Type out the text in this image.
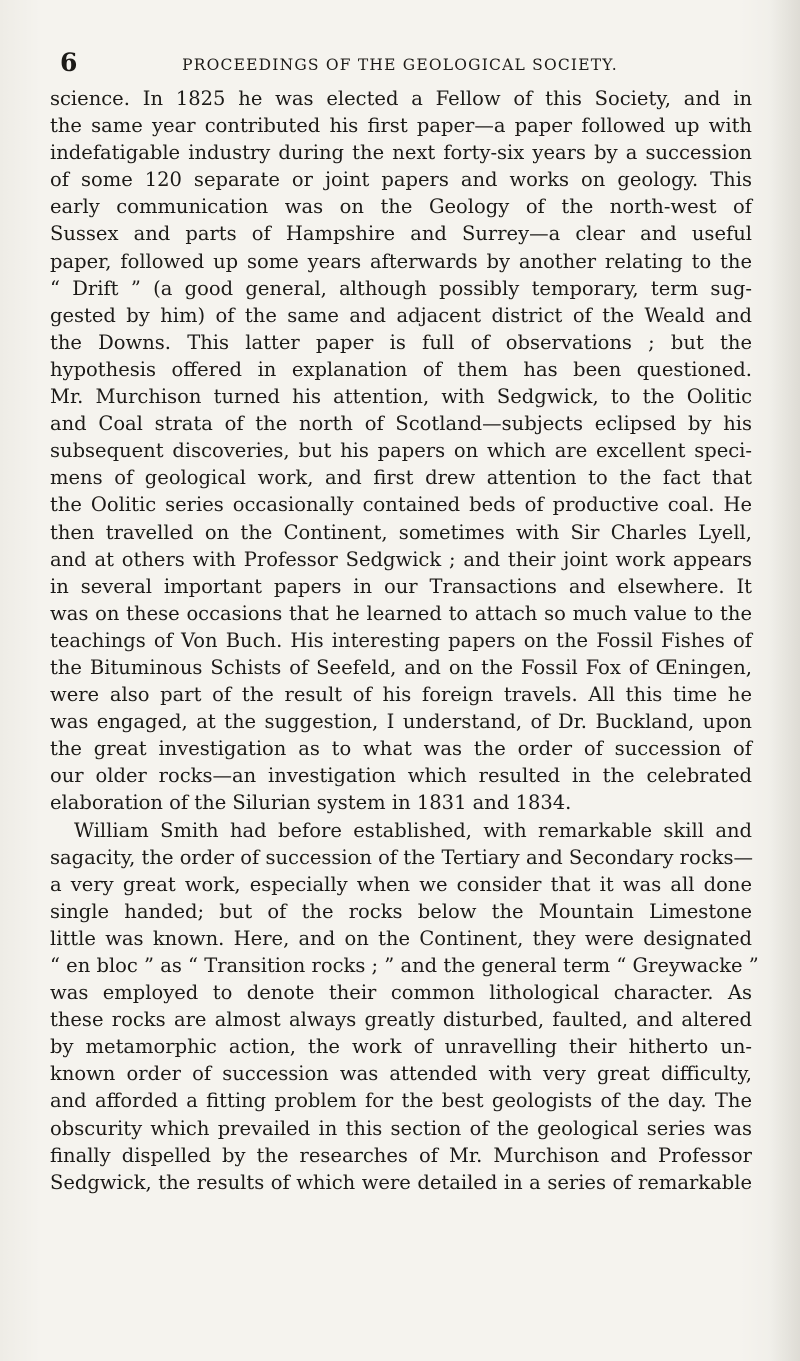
6	PROCEEDINGS OF THE GEOLOGICAL SOCIETY.
science. In 1825 he was elected a Fellow of this Society, and in
the same year contributed his first paper—a paper followed up with
indefatigable industry during the next forty-six years by a succession
of some 120 separate or joint papers and works on geology. This
early communication was on the Geology of the north-west of
Sussex and parts of Hampshire and Surrey—a clear and useful
paper, followed up some years afterwards by another relating to the
“ Drift ” (a good general, although possibly temporary, term sug-
gested by him) of the same and adjacent district of the Weald and
the Downs. This latter paper is full of observations ; but the
hypothesis offered in explanation of them has been questioned.
Mr. Murchison turned his attention, with Sedgwick, to the Oolitic
and Coal strata of the north of Scotland—subjects eclipsed by his
subsequent discoveries, but his papers on which are excellent speci-
mens of geological work, and first drew attention to the fact that
the Oolitic series occasionally contained beds of productive coal. He
then travelled on the Continent, sometimes with Sir Charles Lyell,
and at others with Professor Sedgwick ; and their joint work appears
in several important papers in our Transactions and elsewhere. It
was on these occasions that he learned to attach so much value to the
teachings of Von Buch. His interesting papers on the Fossil Fishes of
the Bituminous Schists of Seefeld, and on the Fossil Fox of Œningen,
were also part of the result of his foreign travels. All this time he
was engaged, at the suggestion, I understand, of Dr. Buckland, upon
the great investigation as to what was the order of succession of
our older rocks—an investigation which resulted in the celebrated
elaboration of the Silurian system in 1831 and 1834.
William Smith had before established, with remarkable skill and
sagacity, the order of succession of the Tertiary and Secondary rocks—
a very great work, especially when we consider that it was all done
single handed; but of the rocks below the Mountain Limestone
little was known. Here, and on the Continent, they were designated
“ en bloc ” as “ Transition rocks ; ” and the general term “ Greywacke ”
was employed to denote their common lithological character. As
these rocks are almost always greatly disturbed, faulted, and altered
by metamorphic action, the work of unravelling their hitherto un-
known order of succession was attended with very great difficulty,
and afforded a fitting problem for the best geologists of the day. The
obscurity which prevailed in this section of the geological series was
finally dispelled by the researches of Mr. Murchison and Professor
Sedgwick, the results of which were detailed in a series of remarkable
